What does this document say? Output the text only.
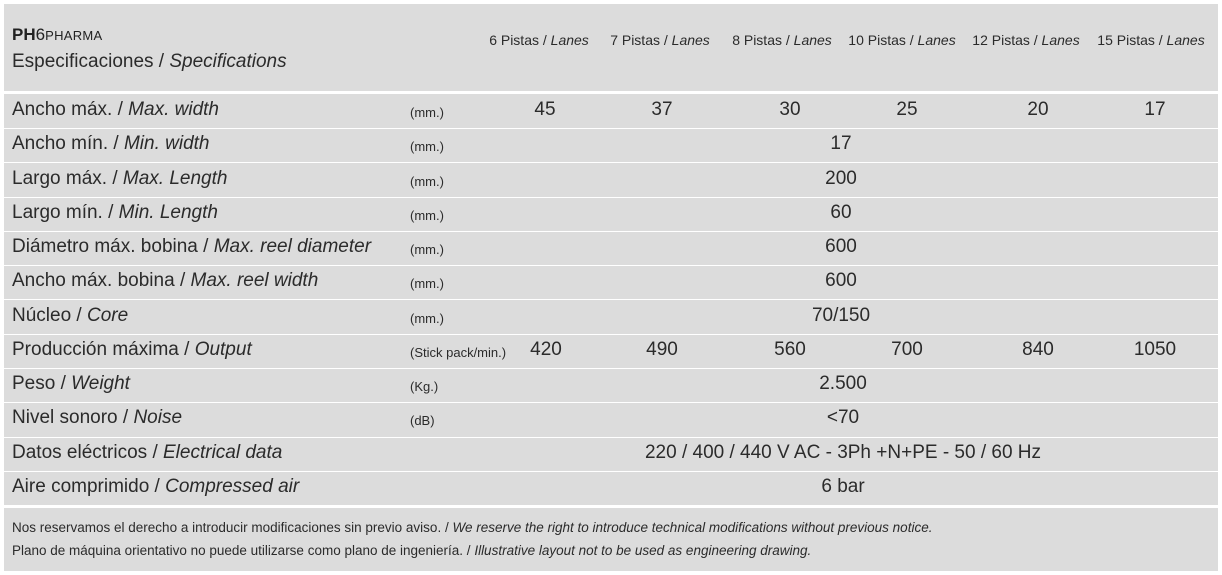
PH6PHARMA
Especificaciones / Specifications
6 Pistas / Lanes 7 Pistas / Lanes 8 Pistas / Lanes 10 Pistas / Lanes 12 Pistas / Lanes 15 Pistas / Lanes
Ancho máx. / Max. width	(mm.)	45	37	30	25	20	17
Ancho mín. / Min. width	(mm.)	17
Largo máx. / Max. Length	(mm.)	200
Largo mín. / Min. Length	(mm.)	60
Diámetro máx. bobina / Max. reel diameter	(mm.)	600
Ancho máx. bobina / Max. reel width	(mm.)	600
Núcleo / Core	(mm.)	70/150
Producción máxima / Output	(Stick pack/min.) 420	490	560	700	840	1050
Peso / Weight	(Kg.)	2.500
Nivel sonoro / Noise	(dB)	<70
Datos eléctricos / Electrical data	220 / 400 / 440 V AC - 3Ph +N+PE - 50 / 60 Hz
Aire comprimido / Compressed air	6 bar
Nos reservamos el derecho a introducir modificaciones sin previo aviso. / We reserve the right to introduce technical modifications without previous notice.
Plano de máquina orientativo no puede utilizarse como plano de ingeniería. / Illustrative layout not to be used as engineering drawing.
